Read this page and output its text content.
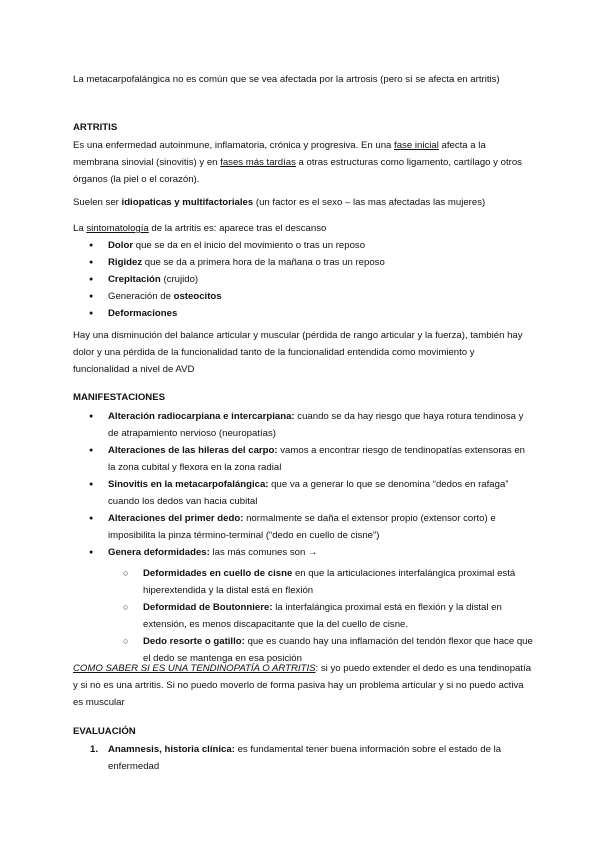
La metacarpofalángica no es común que se vea afectada por la artrosis (pero sí se afecta en artritis)

ARTRITIS

Es una enfermedad autoinmune, inflamatoria, crónica y progresiva. En una fase inicial afecta a la membrana sinovial (sinovitis) y en fases más tardías a otras estructuras como ligamento, cartílago y otros órganos (la piel o el corazón).

Suelen ser idiopaticas y multifactoriales (un factor es el sexo – las mas afectadas las mujeres)

La sintomatología de la artritis es: aparece tras el descanso

● Dolor que se da en el inicio del movimiento o tras un reposo
● Rigidez que se da a primera hora de la mañana o tras un reposo
● Crepitación (crujido)
● Generación de osteocitos
● Deformaciones

Hay una disminución del balance articular y muscular (pérdida de rango articular y la fuerza), también hay dolor y una pérdida de la funcionalidad tanto de la funcionalidad entendida como movimiento y funcionalidad a nivel de AVD

MANIFESTACIONES

● Alteración radiocarpiana e intercarpiana: cuando se da hay riesgo que haya rotura tendinosa y de atrapamiento nervioso (neuropatías)
● Alteraciones de las hileras del carpo: vamos a encontrar riesgo de tendinopatías extensoras en la zona cubital y flexora en la zona radial
● Sinovitis en la metacarpofalángica: que va a generar lo que se denomina “dedos en rafaga” cuando los dedos van hacia cubital
● Alteraciones del primer dedo: normalmente se daña el extensor propio (extensor corto) e imposibilita la pinza término-terminal (“dedo en cuello de cisne”)
● Genera deformidades: las más comunes son →
○ Deformidades en cuello de cisne en que la articulaciones interfalángica proximal está hiperextendida y la distal está en flexión
○ Deformidad de Boutonniere: la interfalángica proximal está en flexión y la distal en extensión, es menos discapacitante que la del cuello de cisne.
○ Dedo resorte o gatillo: que es cuando hay una inflamación del tendón flexor que hace que el dedo se mantenga en esa posición

COMO SABER SI ES UNA TENDINOPATÍA O ARTRITIS: si yo puedo extender el dedo es una tendinopatía y si no es una artritis. Si no puedo moverlo de forma pasiva hay un problema articular y si no puedo activa es muscular

EVALUACIÓN

1. Anamnesis, historia clínica: es fundamental tener buena información sobre el estado de la enfermedad
